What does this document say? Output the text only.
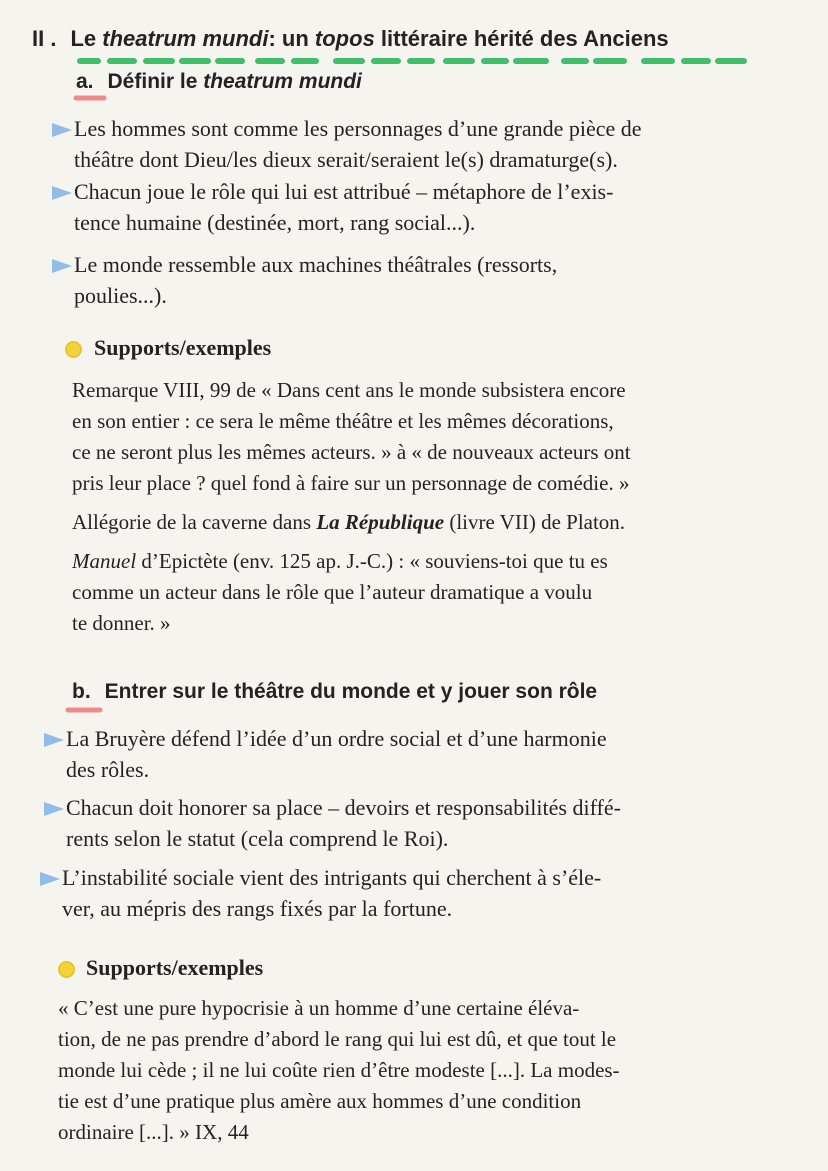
II . Le theatrum mundi: un topos littéraire hérité des Anciens
a. Définir le theatrum mundi
Les hommes sont comme les personnages d’une grande pièce de
théâtre dont Dieu/les dieux serait/seraient le(s) dramaturge(s).
Chacun joue le rôle qui lui est attribué – métaphore de l’exis-
tence humaine (destinée, mort, rang social...).
Le monde ressemble aux machines théâtrales (ressorts,
poulies...).
Supports/exemples
Remarque VIII, 99 de « Dans cent ans le monde subsistera encore
en son entier : ce sera le même théâtre et les mêmes décorations,
ce ne seront plus les mêmes acteurs. » à « de nouveaux acteurs ont
pris leur place ? quel fond à faire sur un personnage de comédie. »
Allégorie de la caverne dans La République (livre VII) de Platon.
Manuel d’Epictète (env. 125 ap. J.-C.) : « souviens-toi que tu es
comme un acteur dans le rôle que l’auteur dramatique a voulu
te donner. »
b. Entrer sur le théâtre du monde et y jouer son rôle
La Bruyère défend l’idée d’un ordre social et d’une harmonie
des rôles.
Chacun doit honorer sa place – devoirs et responsabilités diffé-
rents selon le statut (cela comprend le Roi).
L’instabilité sociale vient des intrigants qui cherchent à s’éle-
ver, au mépris des rangs fixés par la fortune.
Supports/exemples
« C’est une pure hypocrisie à un homme d’une certaine éléva-
tion, de ne pas prendre d’abord le rang qui lui est dû, et que tout le
monde lui cède ; il ne lui coûte rien d’être modeste [...]. La modes-
tie est d’une pratique plus amère aux hommes d’une condition
ordinaire [...]. » IX, 44
